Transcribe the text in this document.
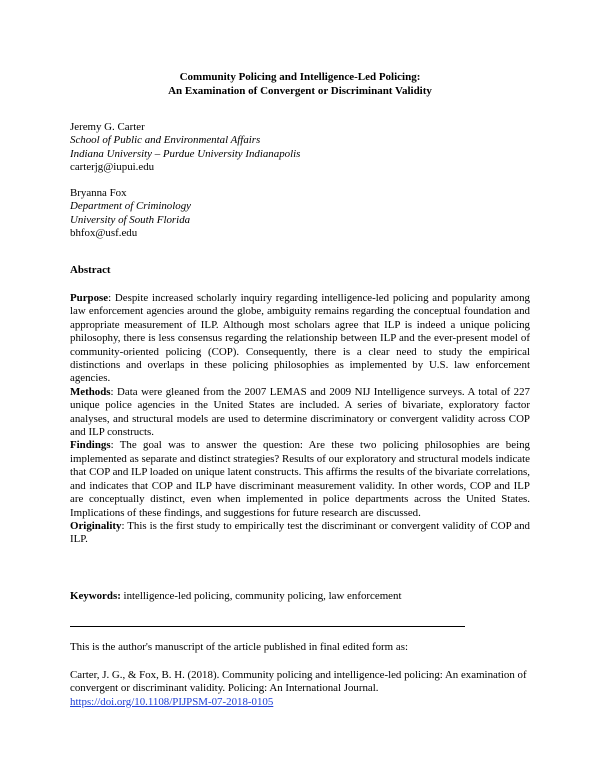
Community Policing and Intelligence-Led Policing:
An Examination of Convergent or Discriminant Validity
Jeremy G. Carter
School of Public and Environmental Affairs
Indiana University – Purdue University Indianapolis
carterjg@iupui.edu
Bryanna Fox
Department of Criminology
University of South Florida
bhfox@usf.edu
Abstract

Purpose: Despite increased scholarly inquiry regarding intelligence-led policing and popularity among law enforcement agencies around the globe, ambiguity remains regarding the conceptual foundation and appropriate measurement of ILP. Although most scholars agree that ILP is indeed a unique policing philosophy, there is less consensus regarding the relationship between ILP and the ever-present model of community-oriented policing (COP). Consequently, there is a clear need to study the empirical distinctions and overlaps in these policing philosophies as implemented by U.S. law enforcement agencies.

Methods: Data were gleaned from the 2007 LEMAS and 2009 NIJ Intelligence surveys. A total of 227 unique police agencies in the United States are included. A series of bivariate, exploratory factor analyses, and structural models are used to determine discriminatory or convergent validity across COP and ILP constructs.

Findings: The goal was to answer the question: Are these two policing philosophies are being implemented as separate and distinct strategies? Results of our exploratory and structural models indicate that COP and ILP loaded on unique latent constructs. This affirms the results of the bivariate correlations, and indicates that COP and ILP have discriminant measurement validity. In other words, COP and ILP are conceptually distinct, even when implemented in police departments across the United States. Implications of these findings, and suggestions for future research are discussed.

Originality: This is the first study to empirically test the discriminant or convergent validity of COP and ILP.

Keywords: intelligence-led policing, community policing, law enforcement
This is the author's manuscript of the article published in final edited form as:
Carter, J. G., & Fox, B. H. (2018). Community policing and intelligence-led policing: An examination of convergent or discriminant validity. Policing: An International Journal.
https://doi.org/10.1108/PIJPSM-07-2018-0105
